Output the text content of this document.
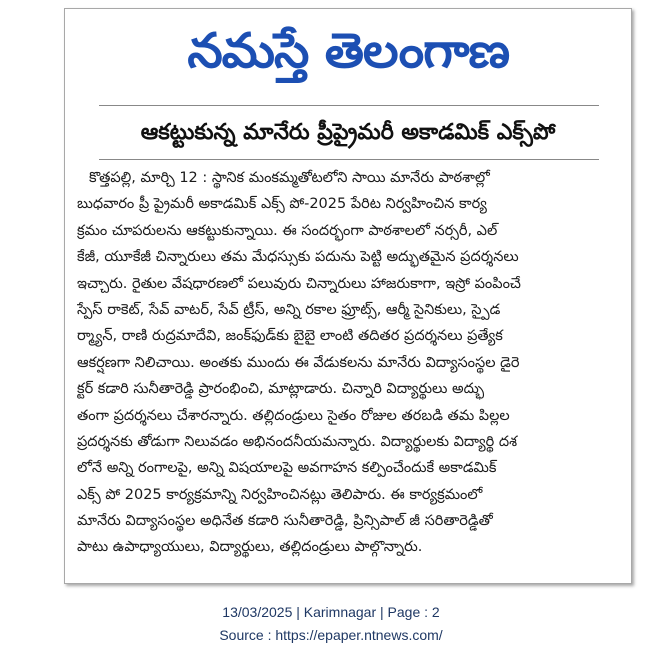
నమస్తే తెలంగాణ
ఆకట్టుకున్న మానేరు ప్రీప్రైమరీ అకాడమిక్ ఎక్స్‌పో
కొత్తపల్లి, మార్చి 12 : స్థానిక మంకమ్మతోటలోని సాయి మానేరు పాఠశాల్లో
బుధవారం ప్రీ ప్రైమరీ అకాడమిక్ ఎక్స్ పో-2025 పేరిట నిర్వహించిన కార్య
క్రమం చూపరులను ఆకట్టుకున్నాయి. ఈ సందర్భంగా పాఠశాలలో నర్సరీ, ఎల్
కేజీ, యూకేజీ చిన్నారులు తమ మేధస్సుకు పదును పెట్టి అద్భుతమైన ప్రదర్శనలు
ఇచ్చారు. రైతుల వేషధారణలో పలువురు చిన్నారులు హాజరుకాగా, ఇస్రో పంపించే
స్పేస్ రాకెట్, సేవ్ వాటర్, సేవ్ ట్రీస్, అన్ని రకాల ఫ్రూట్స్, ఆర్మీ సైనికులు, స్పైడ
ర్మ్యాన్, రాణి రుద్రమాదేవి, జంక్‌ఫుడ్‌కు బైబై లాంటి తదితర ప్రదర్శనలు ప్రత్యేక
ఆకర్షణగా నిలిచాయి. అంతకు ముందు ఈ వేడుకలను మానేరు విద్యాసంస్థల డైరె
క్టర్ కడారి సునీతారెడ్డి ప్రారంభించి, మాట్లాడారు. చిన్నారి విద్యార్థులు అద్భు
తంగా ప్రదర్శనలు చేశారన్నారు. తల్లిదండ్రులు సైతం రోజుల తరబడి తమ పిల్లల
ప్రదర్శనకు తోడుగా నిలువడం అభినందనీయమన్నారు. విద్యార్థులకు విద్యార్థి దశ
లోనే అన్ని రంగాలపై, అన్ని విషయాలపై అవగాహన కల్పించేందుకే అకాడమిక్
ఎక్స్ పో 2025 కార్యక్రమాన్ని నిర్వహించినట్లు తెలిపారు. ఈ కార్యక్రమంలో
మానేరు విద్యాసంస్థల అధినేత కడారి సునీతారెడ్డి, ప్రిన్సిపాల్ జీ సరితారెడ్డితో
పాటు ఉపాధ్యాయులు, విద్యార్థులు, తల్లిదండ్రులు పాల్గొన్నారు.
13/03/2025 | Karimnagar | Page : 2
Source : https://epaper.ntnews.com/
